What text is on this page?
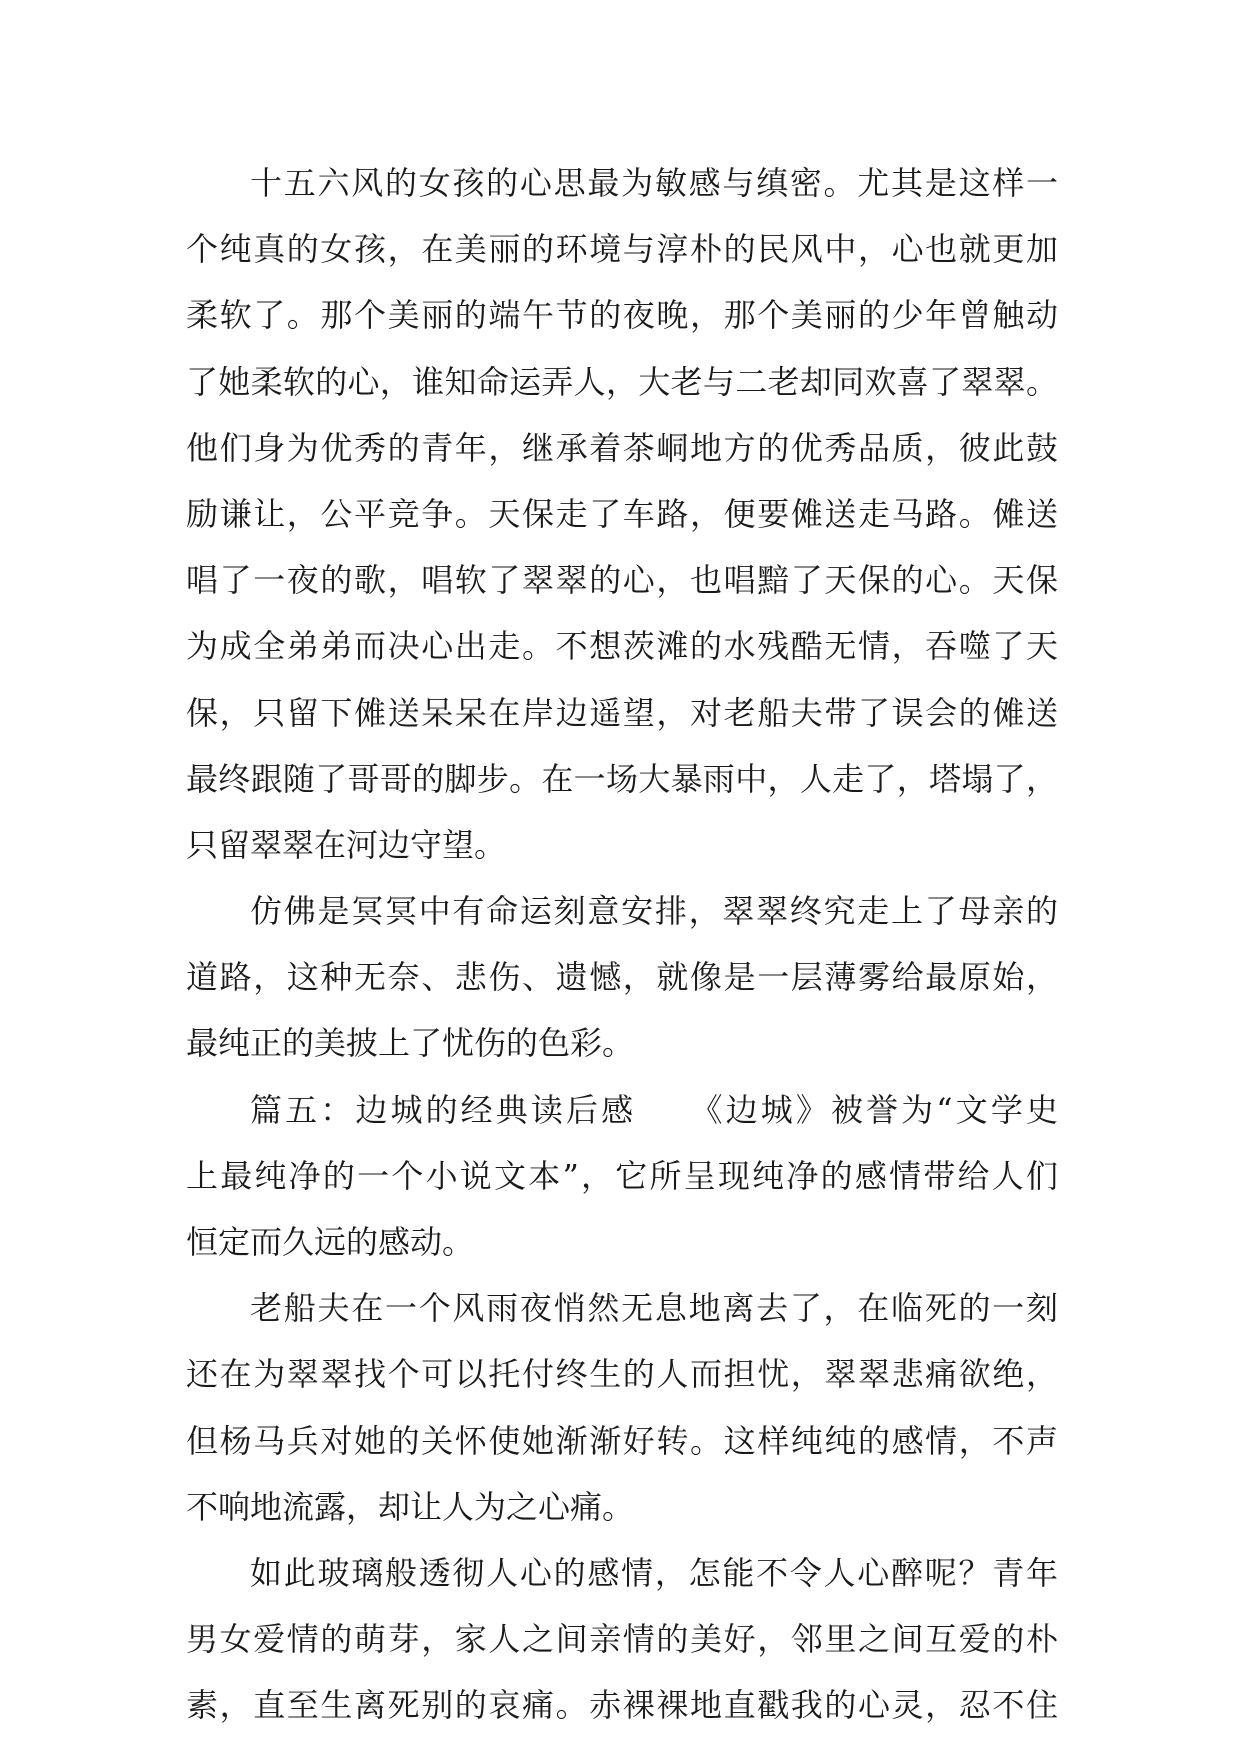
十五六风的女孩的心思最为敏感与缜密。尤其是这样一
个纯真的女孩，在美丽的环境与淳朴的民风中，心也就更加
柔软了。那个美丽的端午节的夜晚，那个美丽的少年曾触动
了她柔软的心，谁知命运弄人，大老与二老却同欢喜了翠翠。
他们身为优秀的青年，继承着茶峒地方的优秀品质，彼此鼓
励谦让，公平竞争。天保走了车路，便要傩送走马路。傩送
唱了一夜的歌，唱软了翠翠的心，也唱黯了天保的心。天保
为成全弟弟而决心出走。不想茨滩的水残酷无情，吞噬了天
保，只留下傩送呆呆在岸边遥望，对老船夫带了误会的傩送
最终跟随了哥哥的脚步。在一场大暴雨中，人走了，塔塌了，
只留翠翠在河边守望。
仿佛是冥冥中有命运刻意安排，翠翠终究走上了母亲的
道路，这种无奈、悲伤、遗憾，就像是一层薄雾给最原始，
最纯正的美披上了忧伤的色彩。
篇五：边城的经典读后感　　《边城》被誉为“文学史
上最纯净的一个小说文本”，它所呈现纯净的感情带给人们
恒定而久远的感动。
老船夫在一个风雨夜悄然无息地离去了，在临死的一刻
还在为翠翠找个可以托付终生的人而担忧，翠翠悲痛欲绝，
但杨马兵对她的关怀使她渐渐好转。这样纯纯的感情，不声
不响地流露，却让人为之心痛。
如此玻璃般透彻人心的感情，怎能不令人心醉呢？青年
男女爱情的萌芽，家人之间亲情的美好，邻里之间互爱的朴
素，直至生离死别的哀痛。赤裸裸地直戳我的心灵，忍不住
